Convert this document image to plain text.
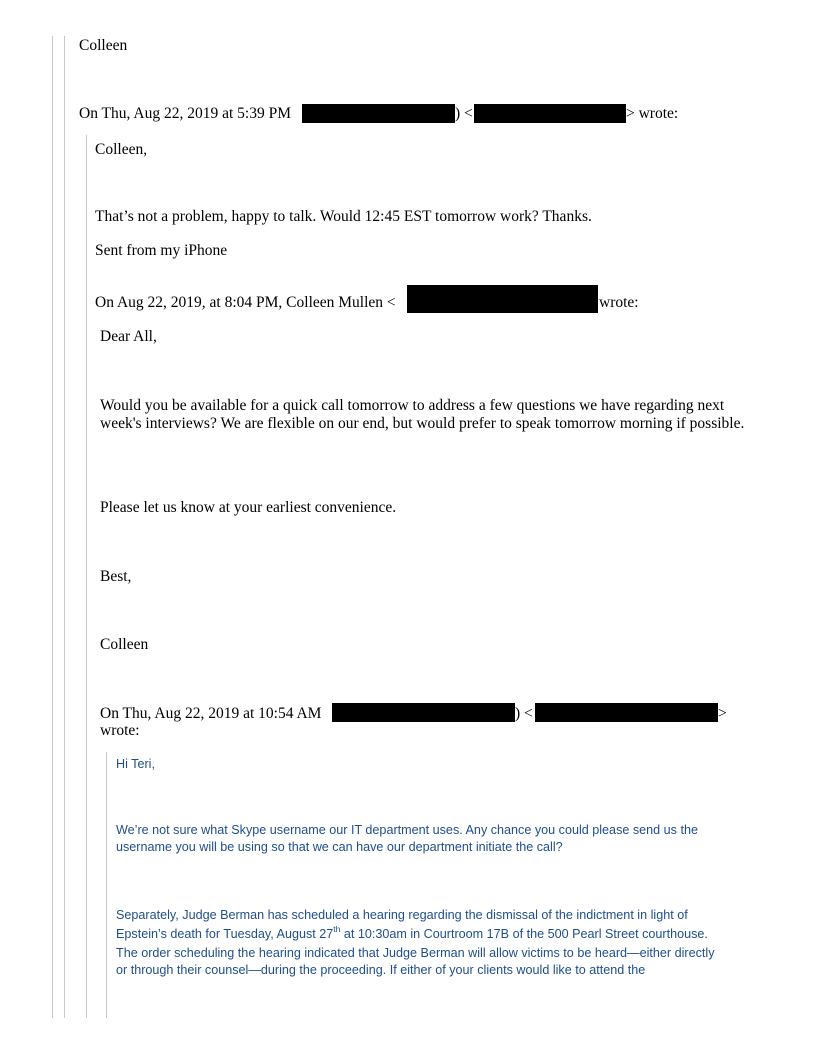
Colleen
On Thu, Aug 22, 2019 at 5:39 PM	) <	> wrote:
Colleen,
That’s not a problem, happy to talk. Would 12:45 EST tomorrow work? Thanks.
Sent from my iPhone
On Aug 22, 2019, at 8:04 PM, Colleen Mullen <	wrote:
Dear All,
Would you be available for a quick call tomorrow to address a few questions we have regarding next week's interviews? We are flexible on our end, but would prefer to speak tomorrow morning if possible.
Please let us know at your earliest convenience.
Best,
Colleen
On Thu, Aug 22, 2019 at 10:54 AM	) <	>
wrote:
Hi Teri,
We’re not sure what Skype username our IT department uses. Any chance you could please send us the username you will be using so that we can have our department initiate the call?
Separately, Judge Berman has scheduled a hearing regarding the dismissal of the indictment in light of
Epstein’s death for Tuesday, August 27th at 10:30am in Courtroom 17B of the 500 Pearl Street courthouse.
The order scheduling the hearing indicated that Judge Berman will allow victims to be heard—either directly
or through their counsel—during the proceeding. If either of your clients would like to attend the
